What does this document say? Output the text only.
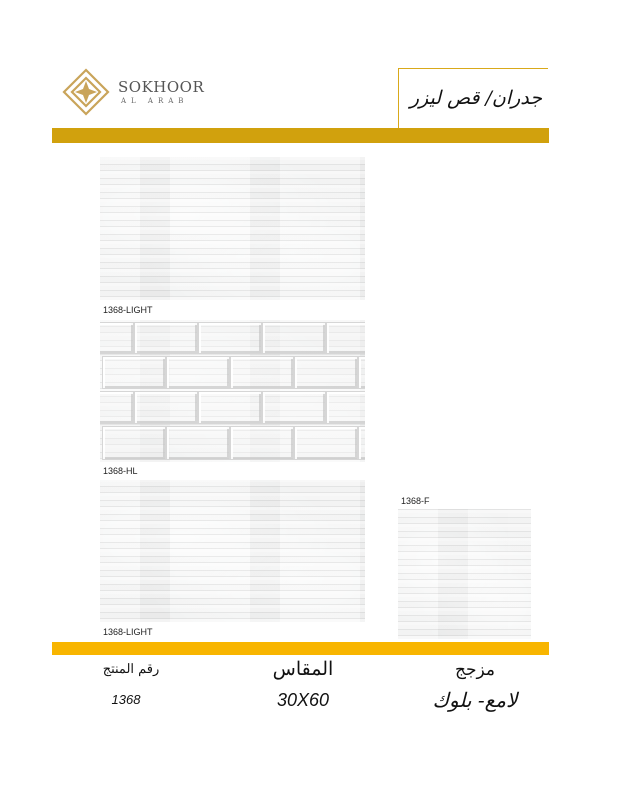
SOKHOOR
AL ARAB	جدران/ قص ليزر
1368-LIGHT
1368-HL
1368-LIGHT
1368-F
رقم المنتج
1368
المقاس
30X60
مزجج
لامع- بلوك
